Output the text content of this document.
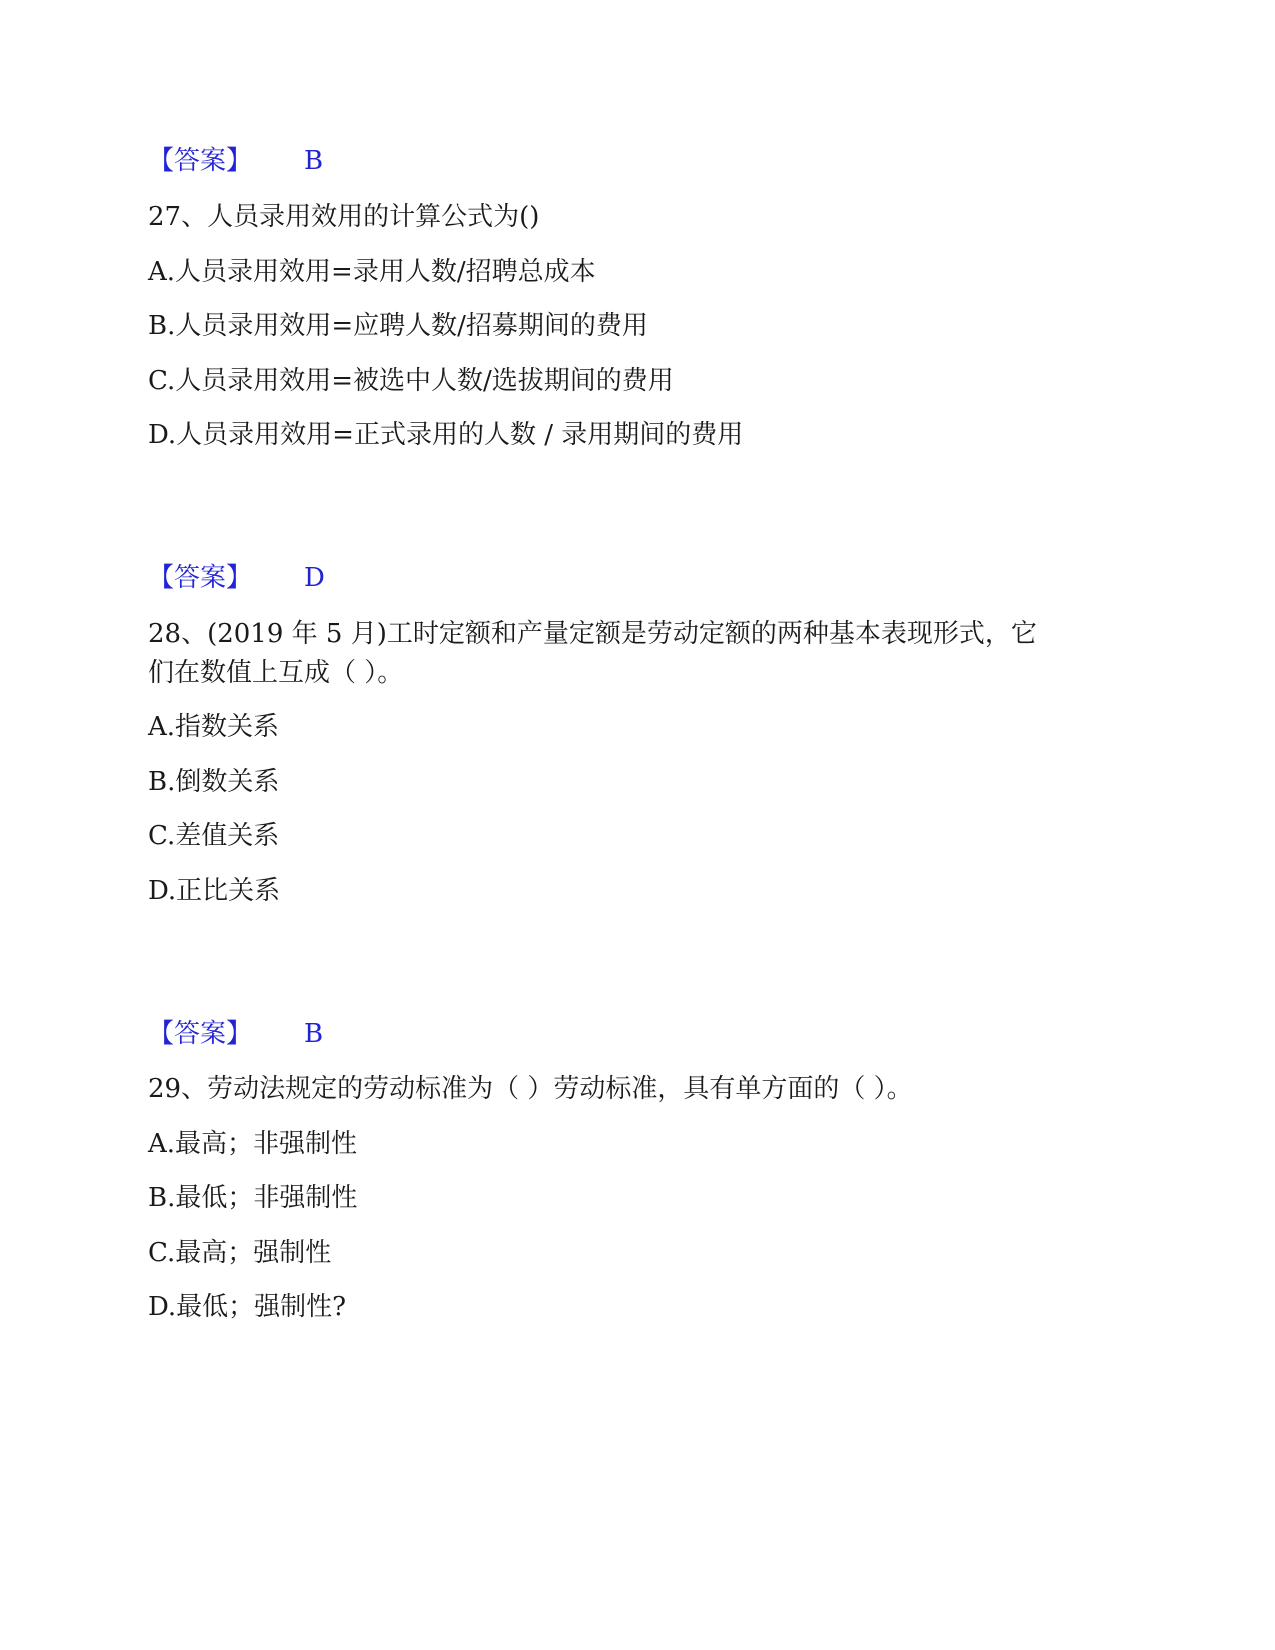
【答案】 B
27、人员录用效用的计算公式为()
A.人员录用效用=录用人数/招聘总成本
B.人员录用效用=应聘人数/招募期间的费用
C.人员录用效用=被选中人数/选拔期间的费用
D.人员录用效用=正式录用的人数 / 录用期间的费用
【答案】 D
28、(2019 年 5 月)工时定额和产量定额是劳动定额的两种基本表现形式，它
们在数值上互成（ ）。
A.指数关系
B.倒数关系
C.差值关系
D.正比关系
【答案】 B
29、劳动法规定的劳动标准为（ ）劳动标准，具有单方面的（ ）。
A.最高；非强制性
B.最低；非强制性
C.最高；强制性
D.最低；强制性?
